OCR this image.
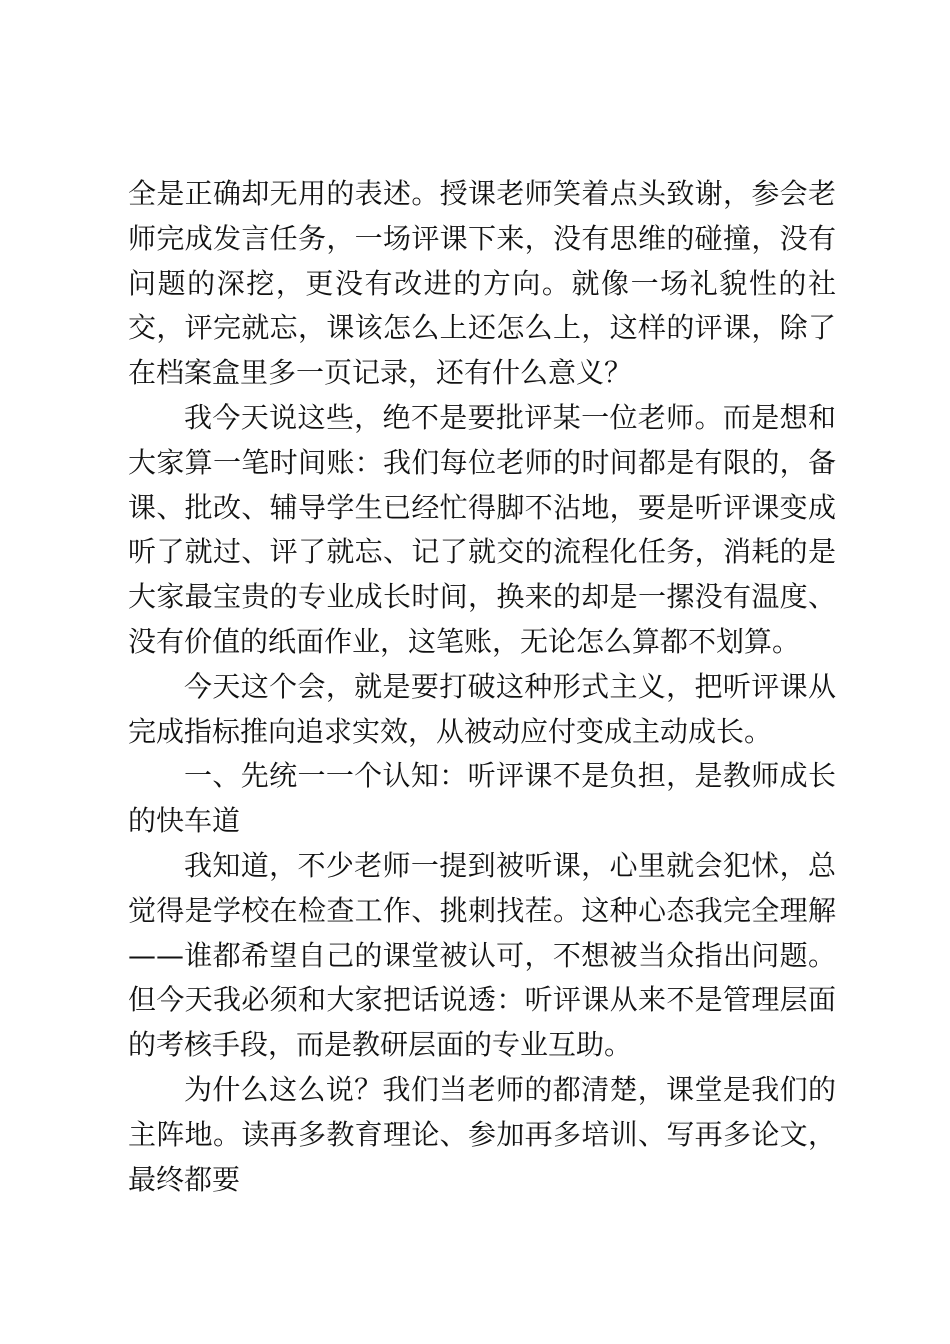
全是正确却无用的表述。授课老师笑着点头致谢，参会老师完成发言任务，一场评课下来，没有思维的碰撞，没有问题的深挖，更没有改进的方向。就像一场礼貌性的社交，评完就忘，课该怎么上还怎么上，这样的评课，除了在档案盒里多一页记录，还有什么意义？

我今天说这些，绝不是要批评某一位老师。而是想和大家算一笔时间账：我们每位老师的时间都是有限的，备课、批改、辅导学生已经忙得脚不沾地，要是听评课变成听了就过、评了就忘、记了就交的流程化任务，消耗的是大家最宝贵的专业成长时间，换来的却是一摞没有温度、没有价值的纸面作业，这笔账，无论怎么算都不划算。

今天这个会，就是要打破这种形式主义，把听评课从完成指标推向追求实效，从被动应付变成主动成长。

一、先统一一个认知：听评课不是负担，是教师成长的快车道

我知道，不少老师一提到被听课，心里就会犯怵，总觉得是学校在检查工作、挑刺找茬。这种心态我完全理解——谁都希望自己的课堂被认可，不想被当众指出问题。但今天我必须和大家把话说透：听评课从来不是管理层面的考核手段，而是教研层面的专业互助。

为什么这么说？我们当老师的都清楚，课堂是我们的主阵地。读再多教育理论、参加再多培训、写再多论文，最终都要
